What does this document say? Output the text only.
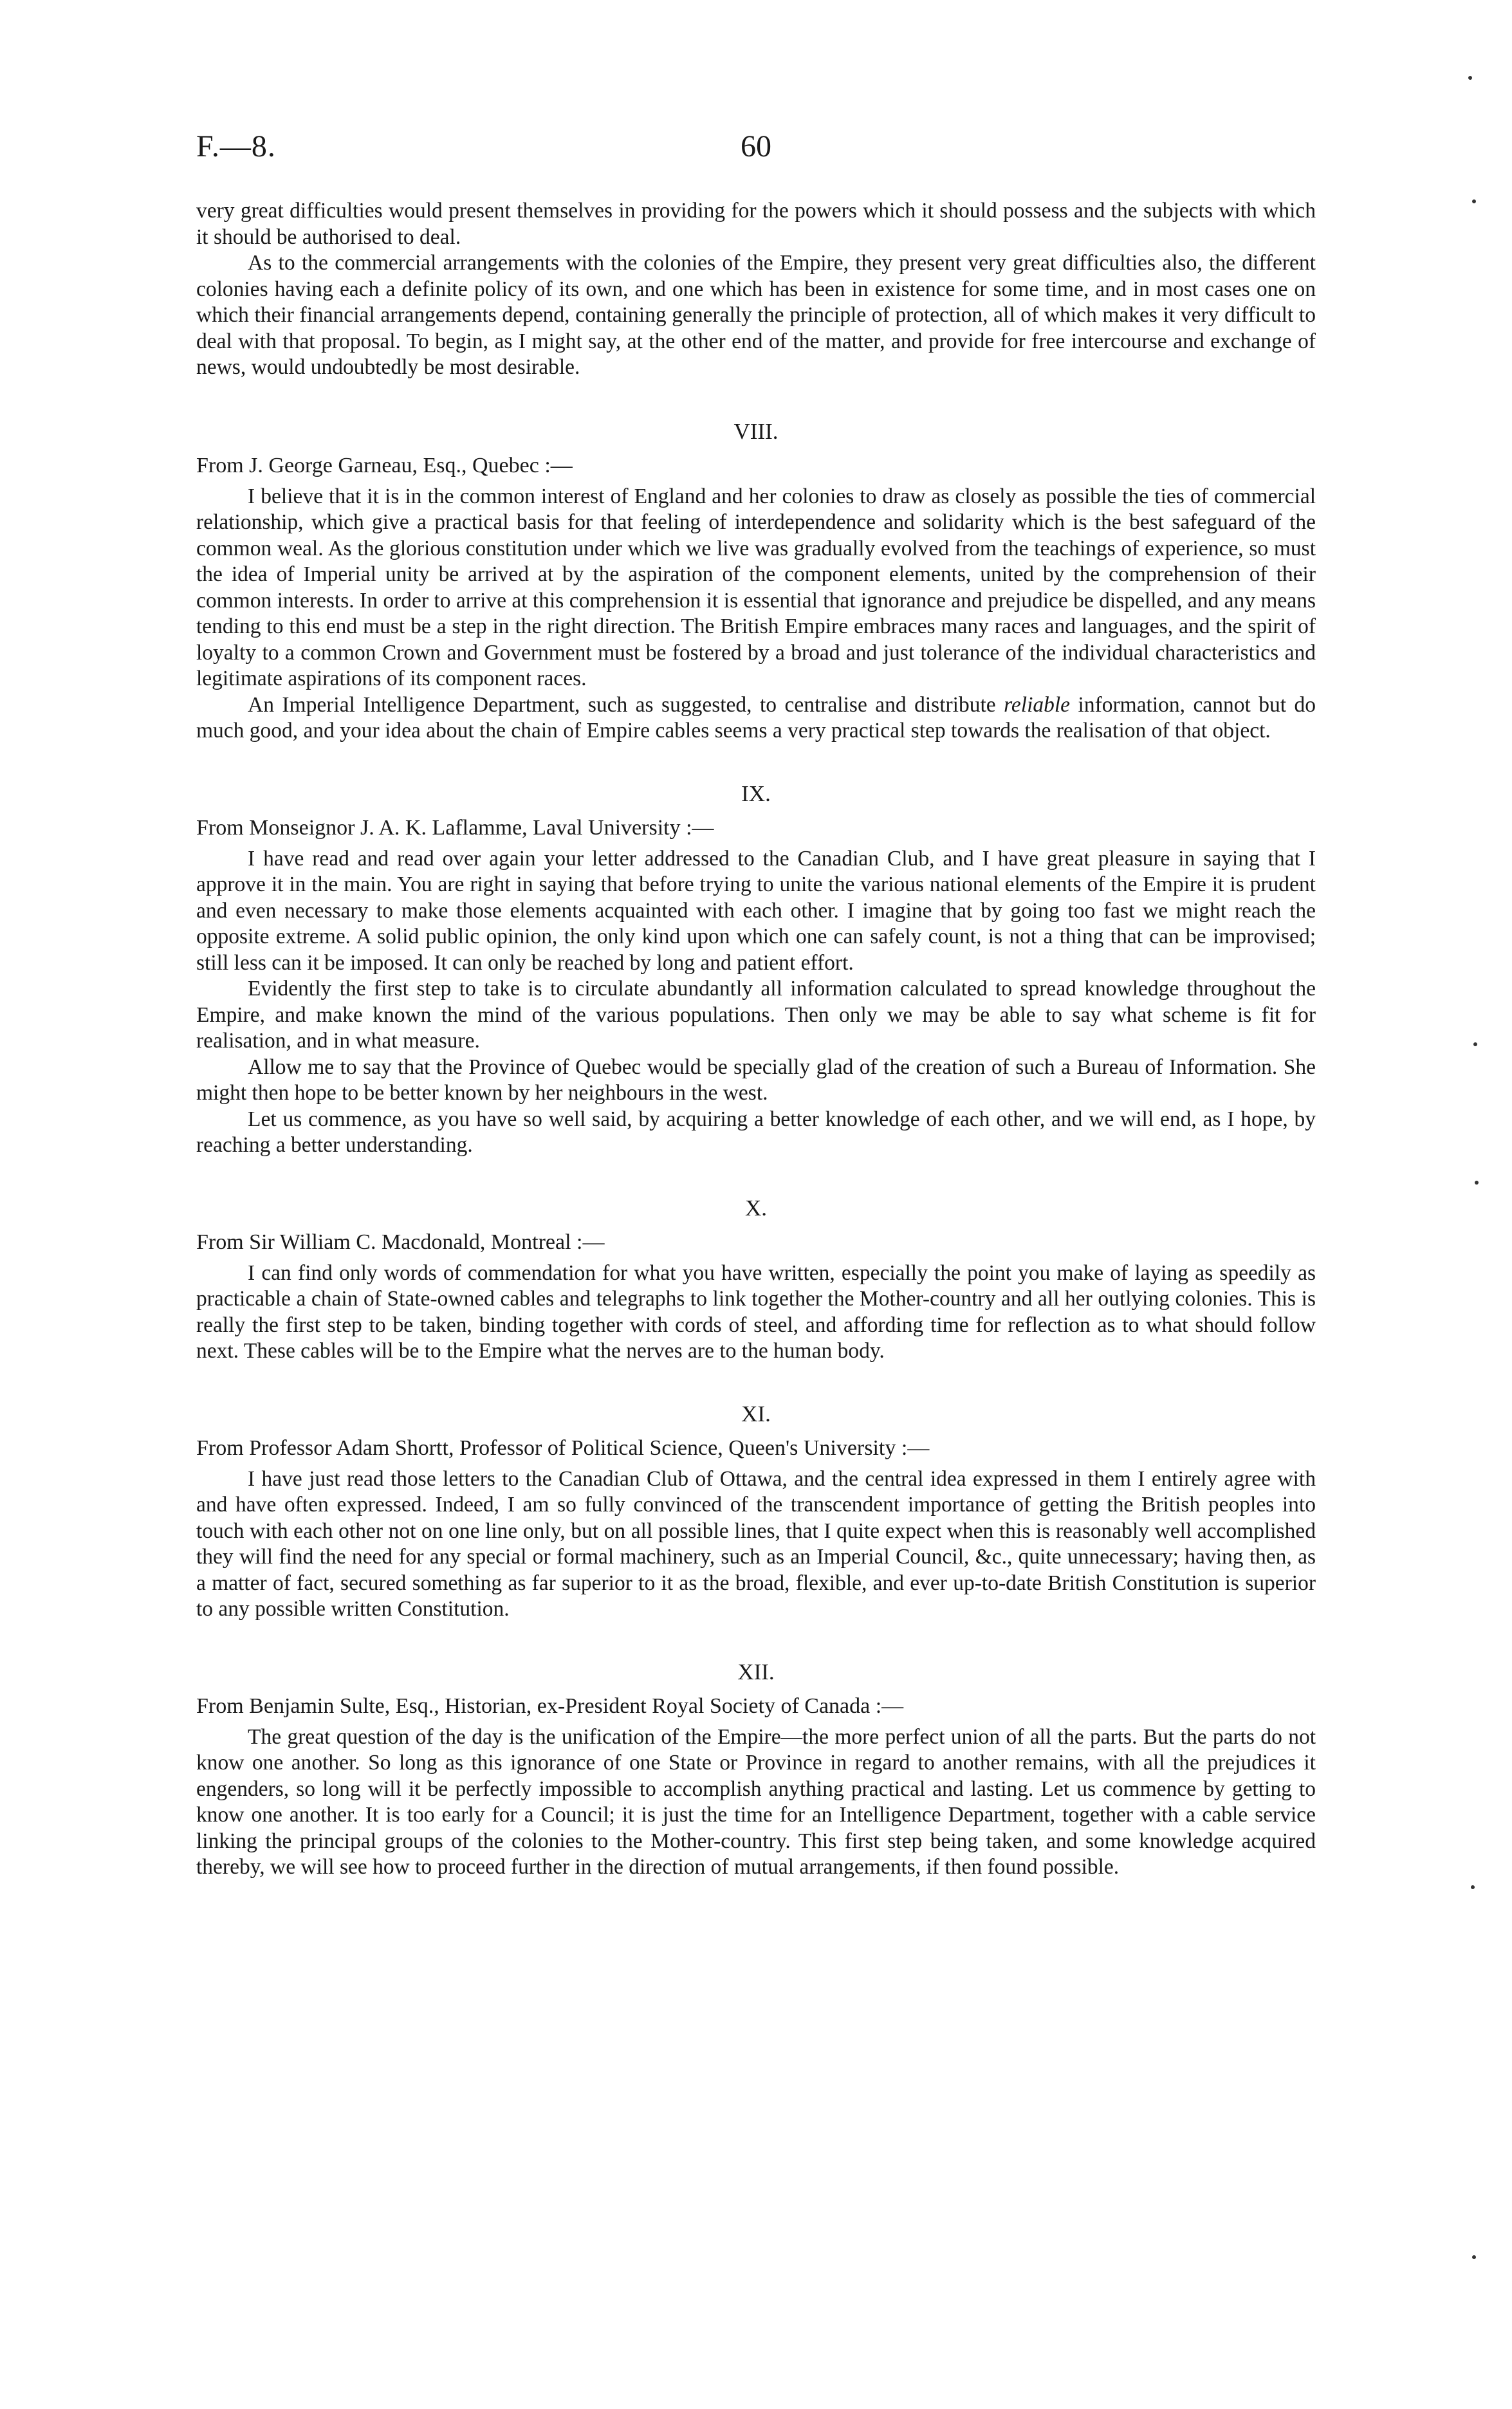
F.—8.	60

very great difficulties would present themselves in providing for the powers which it should possess and the subjects with which it should be authorised to deal.

As to the commercial arrangements with the colonies of the Empire, they present very great difficulties also, the different colonies having each a definite policy of its own, and one which has been in existence for some time, and in most cases one on which their financial arrangements depend, containing generally the principle of protection, all of which makes it very difficult to deal with that proposal. To begin, as I might say, at the other end of the matter, and provide for free intercourse and exchange of news, would undoubtedly be most desirable.

VIII.
From J. George Garneau, Esq., Quebec :—

I believe that it is in the common interest of England and her colonies to draw as closely as possible the ties of commercial relationship, which give a practical basis for that feeling of interdependence and solidarity which is the best safeguard of the common weal. As the glorious constitution under which we live was gradually evolved from the teachings of experience, so must the idea of Imperial unity be arrived at by the aspiration of the component elements, united by the comprehension of their common interests. In order to arrive at this comprehension it is essential that ignorance and prejudice be dispelled, and any means tending to this end must be a step in the right direction. The British Empire embraces many races and languages, and the spirit of loyalty to a common Crown and Government must be fostered by a broad and just tolerance of the individual characteristics and legitimate aspirations of its component races.

An Imperial Intelligence Department, such as suggested, to centralise and distribute reliable information, cannot but do much good, and your idea about the chain of Empire cables seems a very practical step towards the realisation of that object.

IX.
From Monseignor J. A. K. Laflamme, Laval University :—

I have read and read over again your letter addressed to the Canadian Club, and I have great pleasure in saying that I approve it in the main. You are right in saying that before trying to unite the various national elements of the Empire it is prudent and even necessary to make those elements acquainted with each other. I imagine that by going too fast we might reach the opposite extreme. A solid public opinion, the only kind upon which one can safely count, is not a thing that can be improvised; still less can it be imposed. It can only be reached by long and patient effort.

Evidently the first step to take is to circulate abundantly all information calculated to spread knowledge throughout the Empire, and make known the mind of the various populations. Then only we may be able to say what scheme is fit for realisation, and in what measure.

Allow me to say that the Province of Quebec would be specially glad of the creation of such a Bureau of Information. She might then hope to be better known by her neighbours in the west.

Let us commence, as you have so well said, by acquiring a better knowledge of each other, and we will end, as I hope, by reaching a better understanding.

X.
From Sir William C. Macdonald, Montreal :—

I can find only words of commendation for what you have written, especially the point you make of laying as speedily as practicable a chain of State-owned cables and telegraphs to link together the Mother-country and all her outlying colonies. This is really the first step to be taken, binding together with cords of steel, and affording time for reflection as to what should follow next. These cables will be to the Empire what the nerves are to the human body.

XI.
From Professor Adam Shortt, Professor of Political Science, Queen's University :—

I have just read those letters to the Canadian Club of Ottawa, and the central idea expressed in them I entirely agree with and have often expressed. Indeed, I am so fully convinced of the transcendent importance of getting the British peoples into touch with each other not on one line only, but on all possible lines, that I quite expect when this is reasonably well accomplished they will find the need for any special or formal machinery, such as an Imperial Council, &c., quite unnecessary; having then, as a matter of fact, secured something as far superior to it as the broad, flexible, and ever up-to-date British Constitution is superior to any possible written Constitution.

XII.
From Benjamin Sulte, Esq., Historian, ex-President Royal Society of Canada :—

The great question of the day is the unification of the Empire—the more perfect union of all the parts. But the parts do not know one another. So long as this ignorance of one State or Province in regard to another remains, with all the prejudices it engenders, so long will it be perfectly impossible to accomplish anything practical and lasting. Let us commence by getting to know one another. It is too early for a Council; it is just the time for an Intelligence Department, together with a cable service linking the principal groups of the colonies to the Mother-country. This first step being taken, and some knowledge acquired thereby, we will see how to proceed further in the direction of mutual arrangements, if then found possible.
